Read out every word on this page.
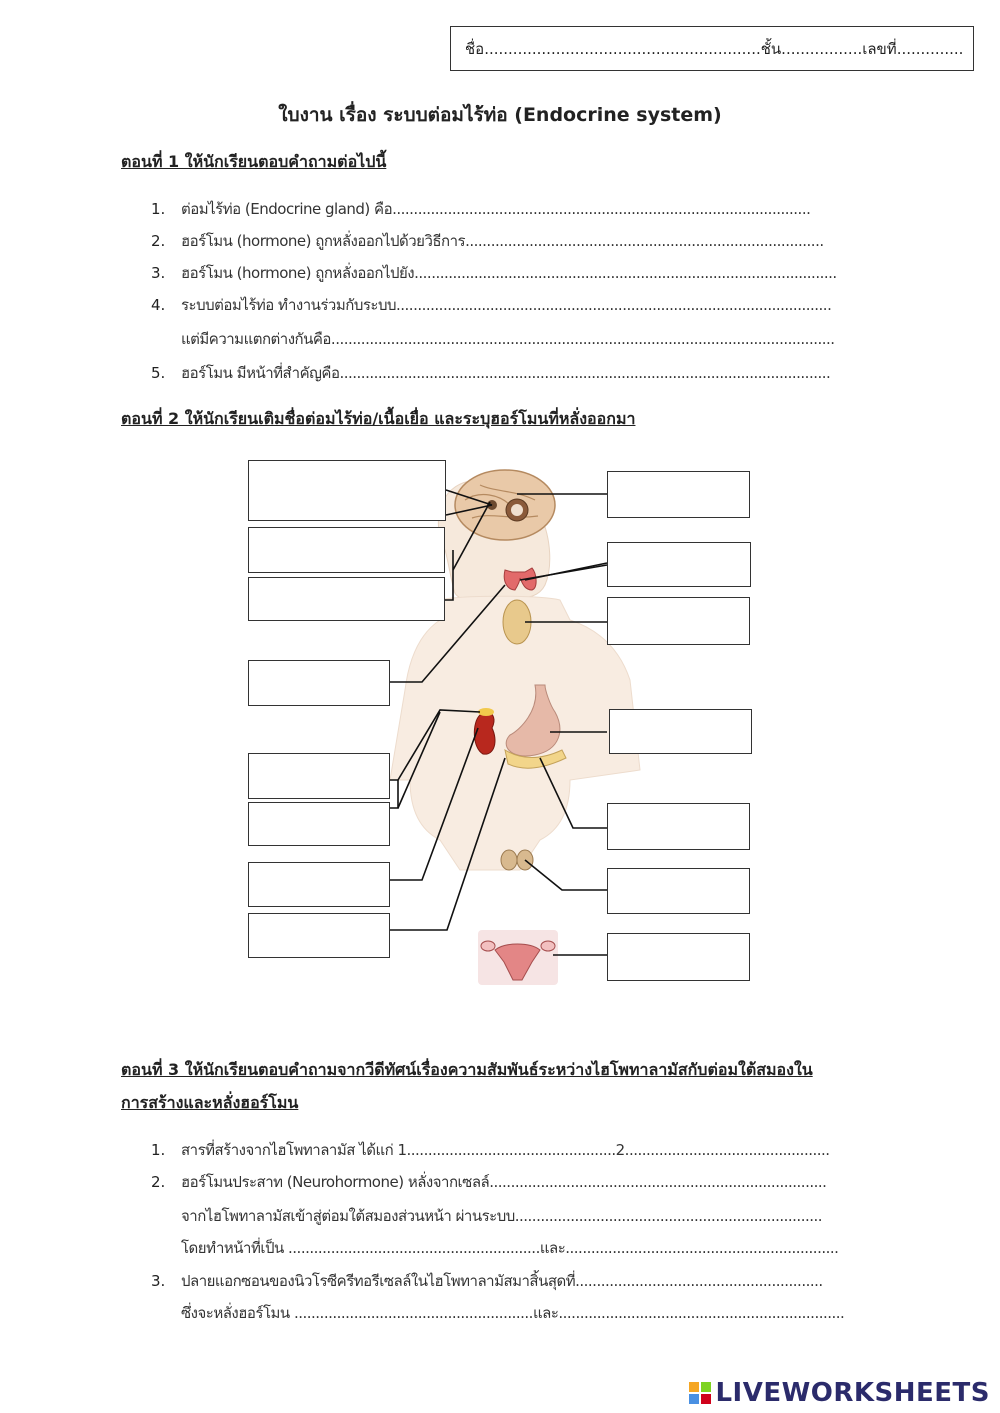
ชื่อ..........................................................ชั้น.................เลขที่..............
ใบงาน เรื่อง ระบบต่อมไร้ท่อ (Endocrine system)
ตอนที่ 1 ให้นักเรียนตอบคำถามต่อไปนี้
1. ต่อมไร้ท่อ (Endocrine gland) คือ..................................................................................................
2. ฮอร์โมน (hormone) ถูกหลั่งออกไปด้วยวิธีการ....................................................................................
3. ฮอร์โมน (hormone) ถูกหลั่งออกไปยัง...................................................................................................
4. ระบบต่อมไร้ท่อ ทำงานร่วมกับระบบ......................................................................................................
แต่มีความแตกต่างกันคือ......................................................................................................................
5. ฮอร์โมน มีหน้าที่สำคัญคือ...................................................................................................................
ตอนที่ 2 ให้นักเรียนเติมชื่อต่อมไร้ท่อ/เนื้อเยื่อ และระบุฮอร์โมนที่หลั่งออกมา
ตอนที่ 3 ให้นักเรียนตอบคำถามจากวีดีทัศน์เรื่องความสัมพันธ์ระหว่างไฮโพทาลามัสกับต่อมใต้สมองใน
การสร้างและหลั่งฮอร์โมน
1. สารที่สร้างจากไฮโพทาลามัส ได้แก่ 1.................................................2................................................
2. ฮอร์โมนประสาท (Neurohormone) หลั่งจากเซลล์...............................................................................
จากไฮโพทาลามัสเข้าสู่ต่อมใต้สมองส่วนหน้า ผ่านระบบ........................................................................
โดยทำหน้าที่เป็น ...........................................................และ................................................................
3. ปลายแอกซอนของนิวโรซีครีทอรีเซลล์ในไฮโพทาลามัสมาสิ้นสุดที่..........................................................
ซึ่งจะหลั่งฮอร์โมน ........................................................และ...................................................................
LIVEWORKSHEETS
